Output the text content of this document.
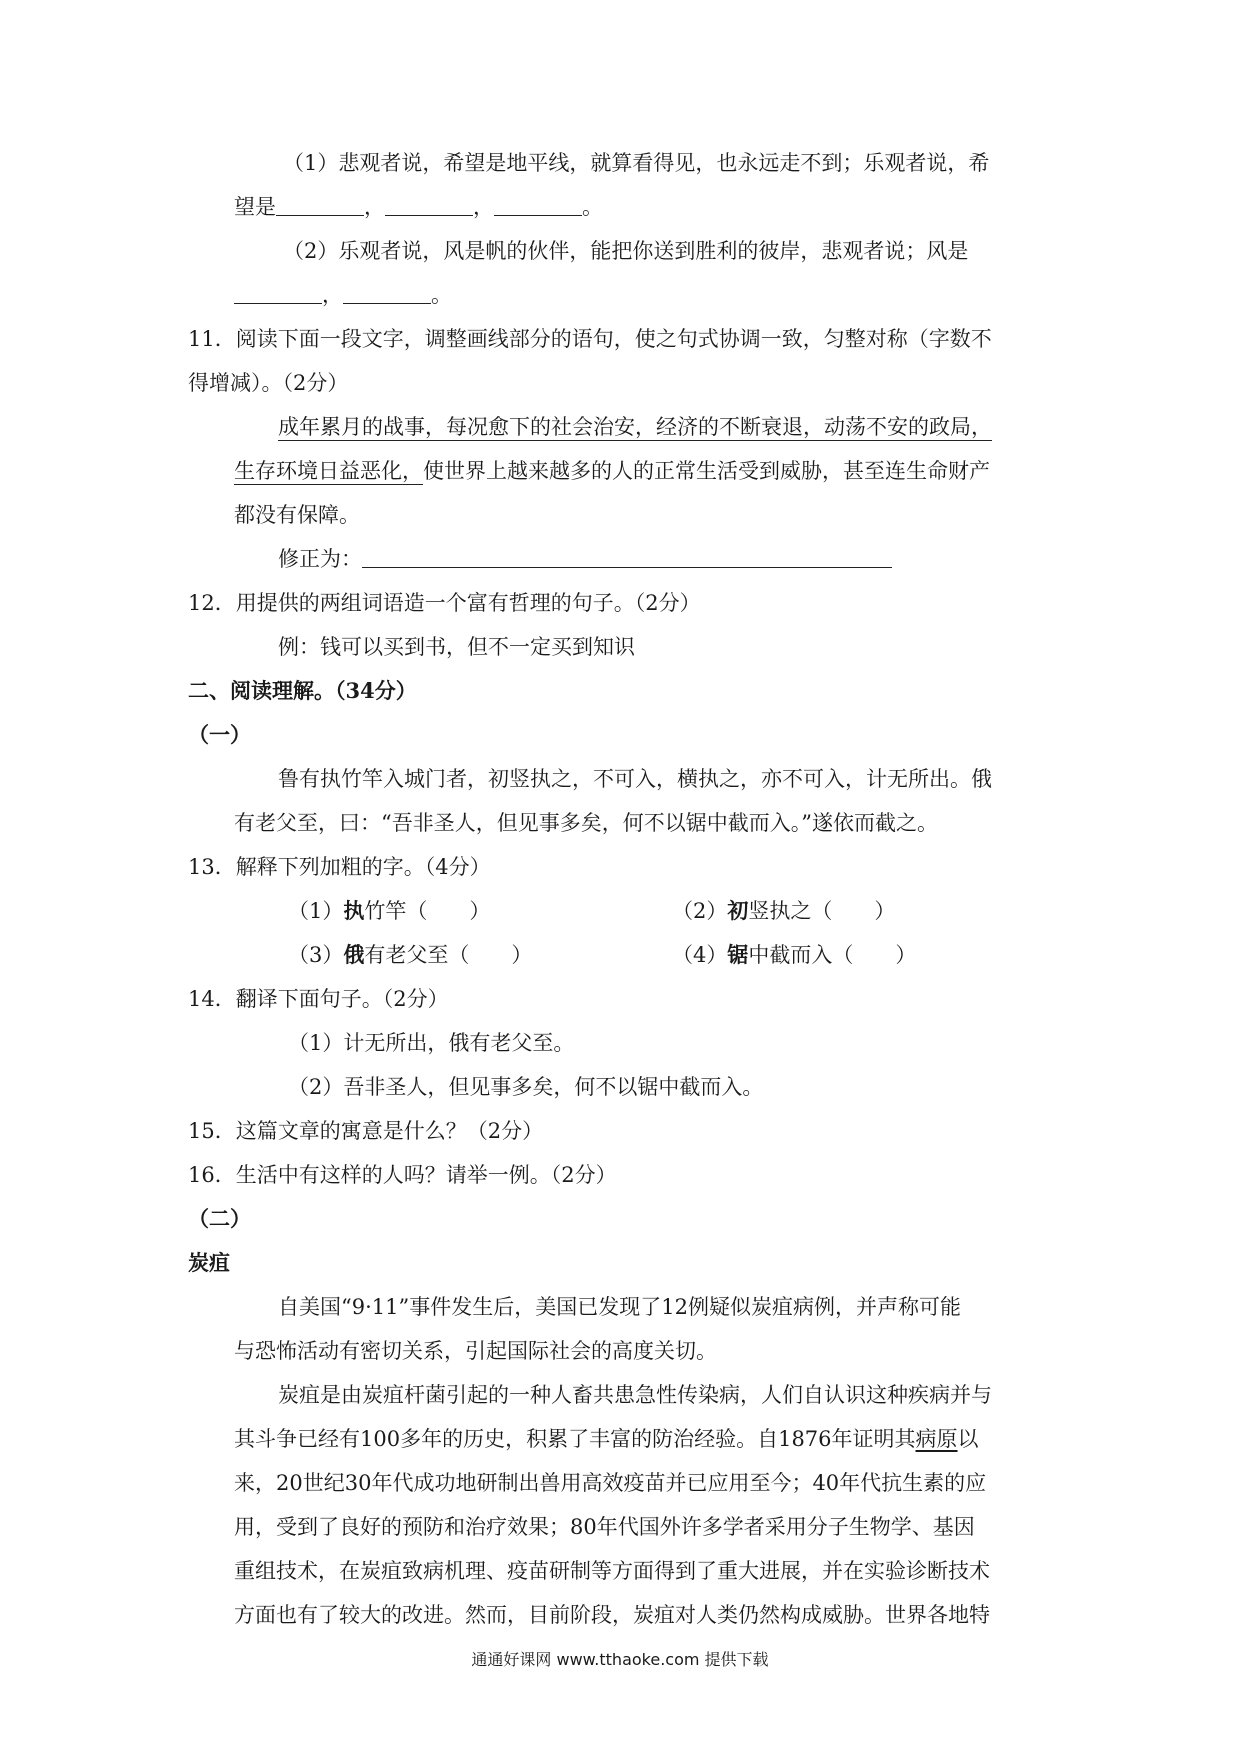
（1）悲观者说，希望是地平线，就算看得见，也永远走不到；乐观者说，希
望是	，	，	。
（2）乐观者说，风是帆的伙伴，能把你送到胜利的彼岸，悲观者说；风是
，	。
11．阅读下面一段文字，调整画线部分的语句，使之句式协调一致，匀整对称（字数不
得增减）。（2分）
成年累月的战事，每况愈下的社会治安，经济的不断衰退，动荡不安的政局，
生存环境日益恶化，使世界上越来越多的人的正常生活受到威胁，甚至连生命财产
都没有保障。
修正为：
12．用提供的两组词语造一个富有哲理的句子。（2分）
例：钱可以买到书，但不一定买到知识
二、阅读理解。（34分）
（一）
鲁有执竹竿入城门者，初竖执之，不可入，横执之，亦不可入，计无所出。俄
有老父至，曰：“吾非圣人，但见事多矣，何不以锯中截而入。”遂依而截之。
13．解释下列加粗的字。（4分）
（1）执竹竿（　　）	（2）初竖执之（　　）
（3）俄有老父至（　　）	（4）锯中截而入（　　）
14．翻译下面句子。（2分）
（1）计无所出，俄有老父至。
（2）吾非圣人，但见事多矣，何不以锯中截而入。
15．这篇文章的寓意是什么？（2分）
16．生活中有这样的人吗？请举一例。（2分）
（二）
炭疽
自美国“9·11”事件发生后，美国已发现了12例疑似炭疽病例，并声称可能
与恐怖活动有密切关系，引起国际社会的高度关切。
炭疽是由炭疽杆菌引起的一种人畜共患急性传染病，人们自认识这种疾病并与
其斗争已经有100多年的历史，积累了丰富的防治经验。自1876年证明其病原以
来，20世纪30年代成功地研制出兽用高效疫苗并已应用至今；40年代抗生素的应
用，受到了良好的预防和治疗效果；80年代国外许多学者采用分子生物学、基因
重组技术，在炭疽致病机理、疫苗研制等方面得到了重大进展，并在实验诊断技术
方面也有了较大的改进。然而，目前阶段，炭疽对人类仍然构成威胁。世界各地特
通通好课网 www.tthaoke.com 提供下载
